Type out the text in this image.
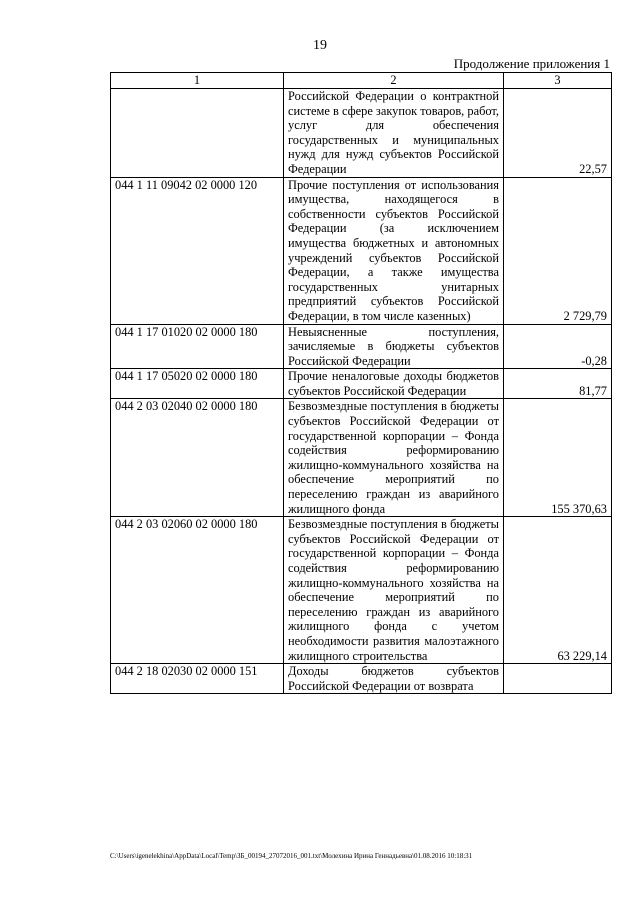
19
Продолжение приложения 1
1	2	3
	Российской Федерации о контрактной системе в сфере закупок товаров, работ, услуг для обеспечения государственных и муниципальных нужд для нужд субъектов Российской Федерации	22,57
044 1 11 09042 02 0000 120	Прочие поступления от использования имущества, находящегося в собственности субъектов Российской Федерации (за исключением имущества бюджетных и автономных учреждений субъектов Российской Федерации, а также имущества государственных унитарных предприятий субъектов Российской Федерации, в том числе казенных)	2 729,79
044 1 17 01020 02 0000 180	Невыясненные поступления, зачисляемые в бюджеты субъектов Российской Федерации	-0,28
044 1 17 05020 02 0000 180	Прочие неналоговые доходы бюджетов субъектов Российской Федерации	81,77
044 2 03 02040 02 0000 180	Безвозмездные поступления в бюджеты субъектов Российской Федерации от государственной корпорации – Фонда содействия реформированию жилищно-коммунального хозяйства на обеспечение мероприятий по переселению граждан из аварийного жилищного фонда	155 370,63
044 2 03 02060 02 0000 180	Безвозмездные поступления в бюджеты субъектов Российской Федерации от государственной корпорации – Фонда содействия реформированию жилищно-коммунального хозяйства на обеспечение мероприятий по переселению граждан из аварийного жилищного фонда с учетом необходимости развития малоэтажного жилищного строительства	63 229,14
044 2 18 02030 02 0000 151	Доходы бюджетов субъектов Российской Федерации от возврата	
C:\Users\igenelekhina\AppData\Local\Temp\ЗБ_00194_27072016_001.txt\Молехина Ирина Геннадьевна\01.08.2016 10:18:31
